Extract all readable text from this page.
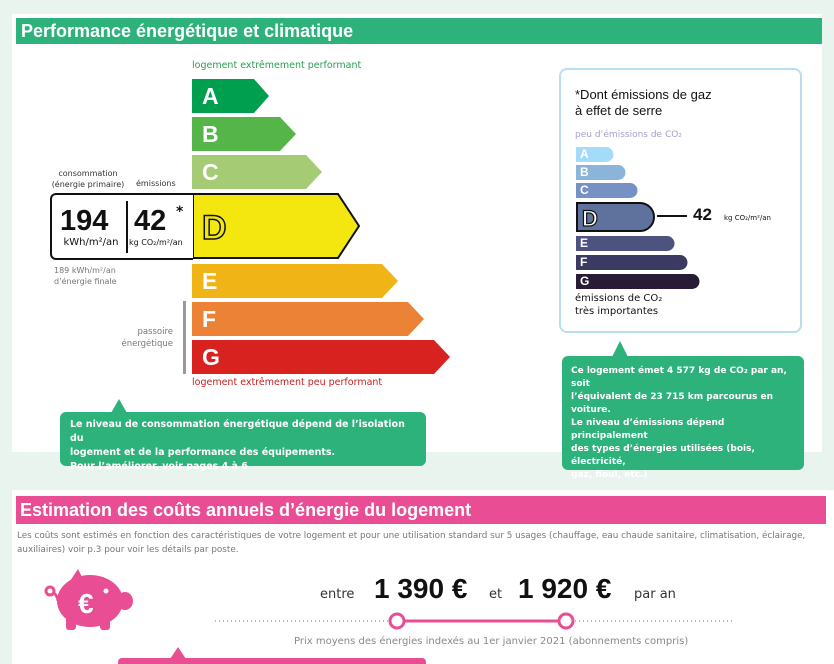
Performance énergétique et climatique
logement extrêmement performant
A
B
C
D
E
F
G
logement extrêmement peu performant
passoire
énergétique
consommation
(énergie primaire)	émissions
194
kWh/m²/an
42 *
kg CO₂/m²/an
189 kWh/m²/an
d’énergie finale
Le niveau de consommation énergétique dépend de l’isolation du
logement et de la performance des équipements.
Pour l’améliorer, voir pages 4 à 6
*Dont émissions de gaz
à effet de serre
peu d’émissions de CO₂
A
B
C
D
E
F
G
42 kg CO₂/m²/an
émissions de CO₂
très importantes
Ce logement émet 4 577 kg de CO₂ par an, soit
l’équivalent de 23 715 km parcourus en
voiture.
Le niveau d’émissions dépend principalement
des types d’énergies utilisées (bois, électricité,
gaz, fioul, etc.)
Estimation des coûts annuels d’énergie du logement
Les coûts sont estimés en fonction des caractéristiques de votre logement et pour une utilisation standard sur 5 usages (chauffage, eau chaude sanitaire, climatisation, éclairage, auxiliaires) voir p.3 pour voir les détails par poste.
€	entre 1 390 € et 1 920 € par an
Prix moyens des énergies indexés au 1er janvier 2021 (abonnements compris)
